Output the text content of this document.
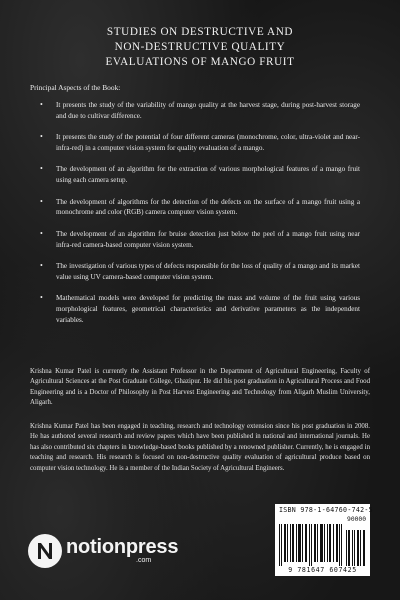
STUDIES ON DESTRUCTIVE AND
NON-DESTRUCTIVE QUALITY
EVALUATIONS OF MANGO FRUIT
Principal Aspects of the Book:
• It presents the study of the variability of mango quality at the harvest stage, during post-harvest storage and due to cultivar difference.
• It presents the study of the potential of four different cameras (monochrome, color, ultra-violet and near-infra-red) in a computer vision system for quality evaluation of a mango.
• The development of an algorithm for the extraction of various morphological features of a mango fruit using each camera setup.
• The development of algorithms for the detection of the defects on the surface of a mango fruit using a monochrome and color (RGB) camera computer vision system.
• The development of an algorithm for bruise detection just below the peel of a mango fruit using near infra-red camera-based computer vision system.
• The investigation of various types of defects responsible for the loss of quality of a mango and its market value using UV camera-based computer vision system.
• Mathematical models were developed for predicting the mass and volume of the fruit using various morphological features, geometrical characteristics and derivative parameters as the independent variables.

Krishna Kumar Patel is currently the Assistant Professor in the Department of Agricultural Engineering, Faculty of Agricultural Sciences at the Post Graduate College, Ghazipur. He did his post graduation in Agricultural Process and Food Engineering and is a Doctor of Philosophy in Post Harvest Engineering and Technology from Aligarh Muslim University, Aligarh.

Krishna Kumar Patel has been engaged in teaching, research and technology extension since his post graduation in 2008. He has authored several research and review papers which have been published in national and international journals. He has also contributed six chapters in knowledge-based books published by a renowned publisher. Currently, he is engaged in teaching and research. His research is focused on non-destructive quality evaluation of agricultural produce based on computer vision technology. He is a member of the Indian Society of Agricultural Engineers.

ISBN 978-1-64760-742-5
90000
9 781647 607425
notionpress
.com
